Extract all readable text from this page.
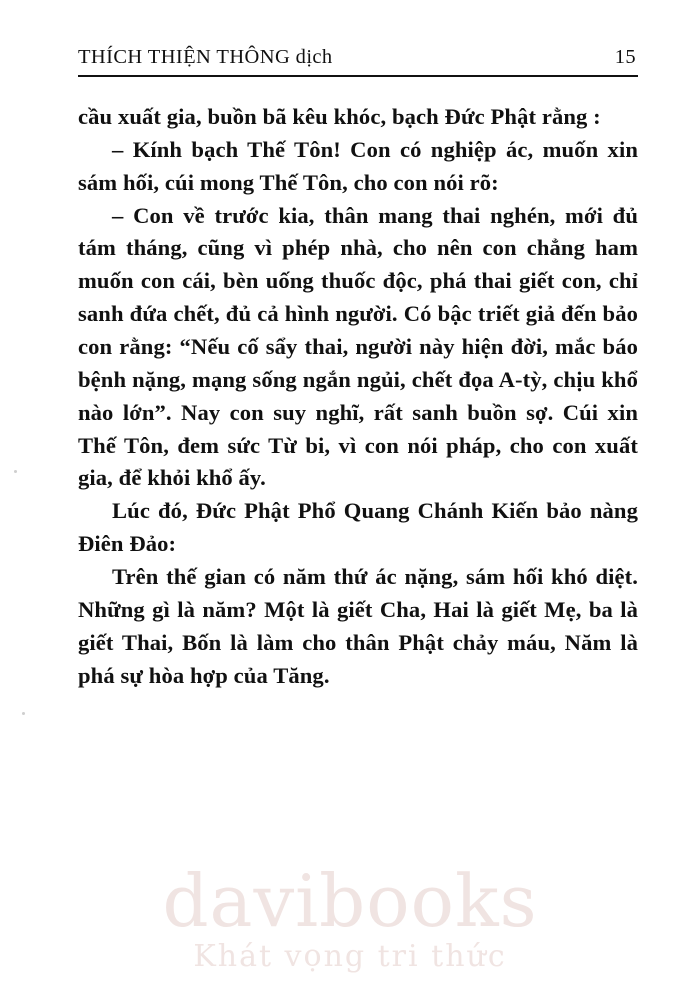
THÍCH THIỆN THÔNG dịch	15

cầu xuất gia, buồn bã kêu khóc, bạch Đức Phật rằng :

– Kính bạch Thế Tôn! Con có nghiệp ác, muốn xin sám hối, cúi mong Thế Tôn, cho con nói rõ:

– Con về trước kia, thân mang thai nghén, mới đủ tám tháng, cũng vì phép nhà, cho nên con chẳng ham muốn con cái, bèn uống thuốc độc, phá thai giết con, chỉ sanh đứa chết, đủ cả hình người. Có bậc triết giả đến bảo con rằng: “Nếu cố sẩy thai, người này hiện đời, mắc báo bệnh nặng, mạng sống ngắn ngủi, chết đọa A-tỳ, chịu khổ nào lớn”. Nay con suy nghĩ, rất sanh buồn sợ. Cúi xin Thế Tôn, đem sức Từ bi, vì con nói pháp, cho con xuất gia, để khỏi khổ ấy.

Lúc đó, Đức Phật Phổ Quang Chánh Kiến bảo nàng Điên Đảo:

Trên thế gian có năm thứ ác nặng, sám hối khó diệt. Những gì là năm? Một là giết Cha, Hai là giết Mẹ, ba là giết Thai, Bốn là làm cho thân Phật chảy máu, Năm là phá sự hòa hợp của Tăng.

davibooks
Khát vọng tri thức
